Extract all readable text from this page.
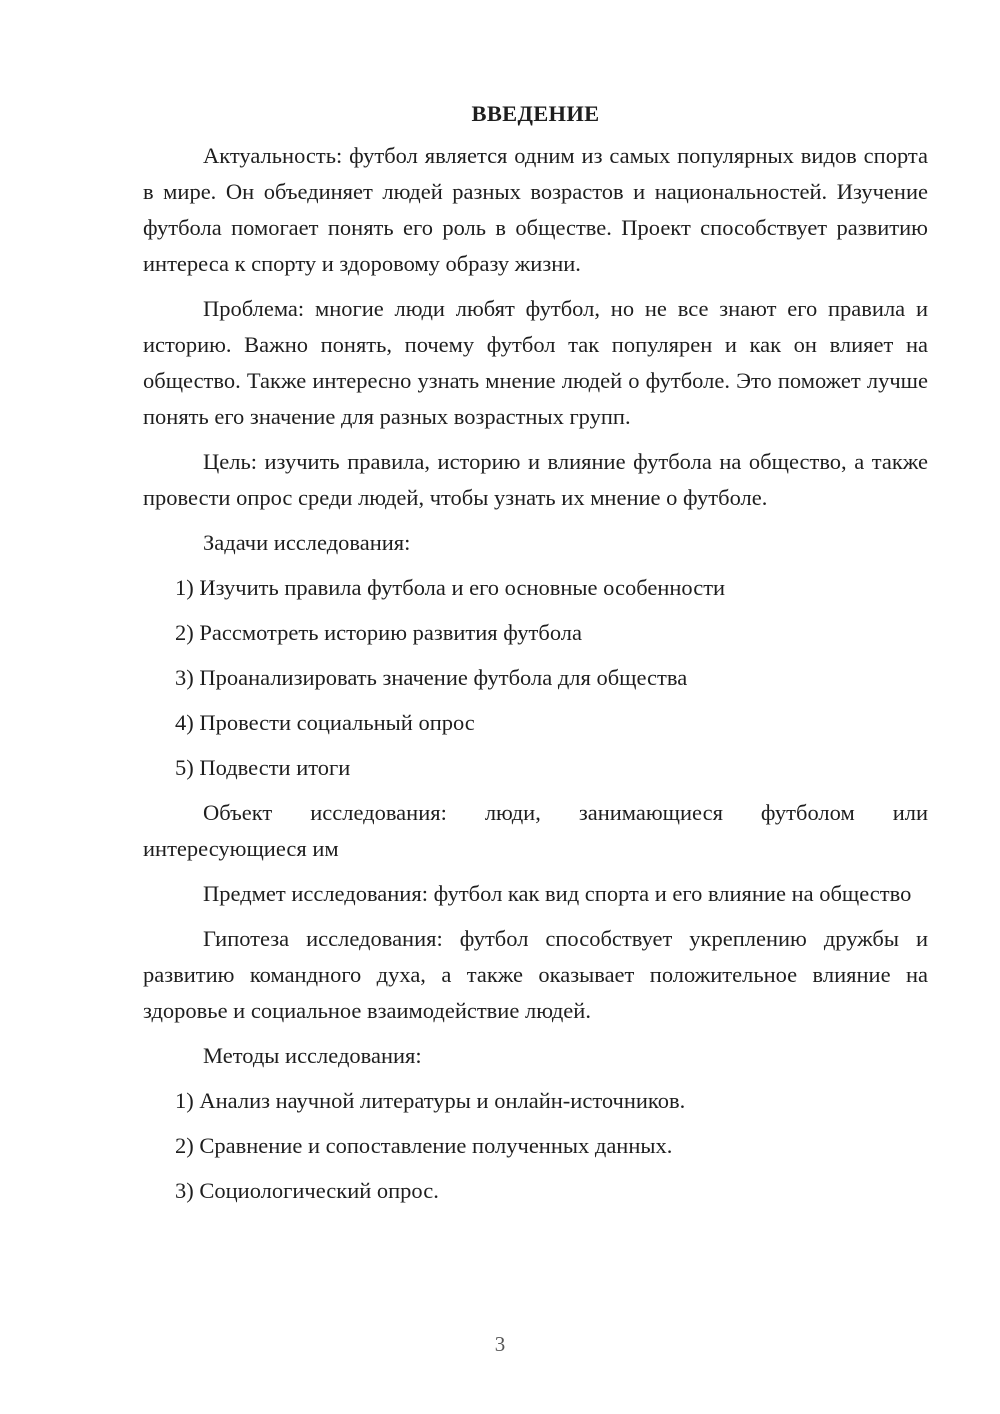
ВВЕДЕНИЕ

Актуальность: футбол является одним из самых популярных видов спорта в мире. Он объединяет людей разных возрастов и национальностей. Изучение футбола помогает понять его роль в обществе. Проект способствует развитию интереса к спорту и здоровому образу жизни.

Проблема: многие люди любят футбол, но не все знают его правила и историю. Важно понять, почему футбол так популярен и как он влияет на общество. Также интересно узнать мнение людей о футболе. Это поможет лучше понять его значение для разных возрастных групп.

Цель: изучить правила, историю и влияние футбола на общество, а также провести опрос среди людей, чтобы узнать их мнение о футболе.

Задачи исследования:
1) Изучить правила футбола и его основные особенности
2) Рассмотреть историю развития футбола
3) Проанализировать значение футбола для общества
4) Провести социальный опрос
5) Подвести итоги

Объект исследования: люди, занимающиеся футболом или интересующиеся им

Предмет исследования: футбол как вид спорта и его влияние на общество

Гипотеза исследования: футбол способствует укреплению дружбы и развитию командного духа, а также оказывает положительное влияние на здоровье и социальное взаимодействие людей.

Методы исследования:
1) Анализ научной литературы и онлайн-источников.
2) Сравнение и сопоставление полученных данных.
3) Социологический опрос.
3
